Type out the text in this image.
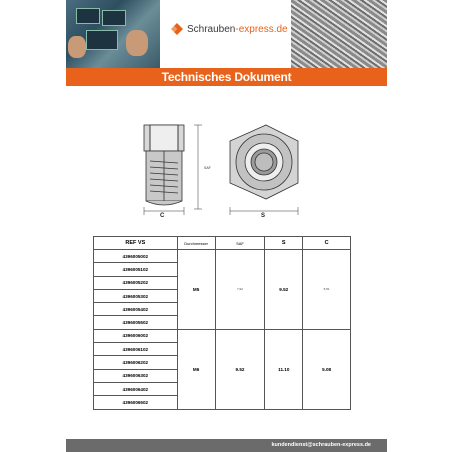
Schrauben-express.de
Technisches Dokument
SAF
C	S
REF VS	Durchmesser	SAF	S	C
4396005002	M5	7,92	9.52	5,81
4396005102				
4396005202				
4396005302				
4396005402				
4396005502				
4396006002	M6	9.52	11.10	5.08
4396006102				
4396006202				
4396006302				
4396006402				
4396006502				
kundendienst@schrauben-express.de
